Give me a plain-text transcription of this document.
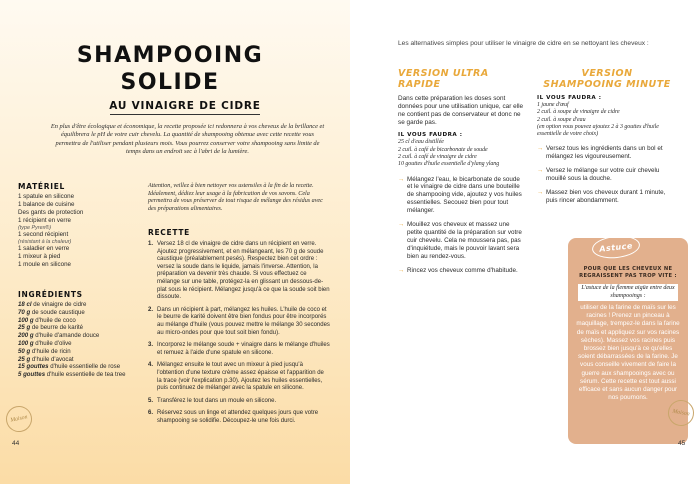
SHAMPOOING
SOLIDE
AU VINAIGRE DE CIDRE
En plus d'être écologique et économique, la recette proposée ici redonnera à vos cheveux de la brillance et équilibrera le pH de votre cuir chevelu. La quantité de shampooing obtenue avec cette recette vous permettra de l'utiliser pendant plusieurs mois. Vous pourrez conserver votre shampooing sans limite de temps dans un endroit sec à l'abri de la lumière.
MATÉRIEL
1 spatule en silicone
1 balance de cuisine
Des gants de protection
1 récipient en verre
(type Pyrex®)
1 second récipient
(résistant à la chaleur)
1 saladier en verre
1 mixeur à pied
1 moule en silicone
Attention, veillez à bien nettoyer vos ustensiles à la fin de la recette. Idéalement, dédiez leur usage à la fabrication de vos savons. Cela permettra de vous préserver de tout risque de mélange des résidus avec des préparations alimentaires.
INGRÉDIENTS
18 cl de vinaigre de cidre
70 g de soude caustique
100 g d'huile de coco
25 g de beurre de karité
200 g d'huile d'amande douce
100 g d'huile d'olive
50 g d'huile de ricin
25 g d'huile d'avocat
15 gouttes d'huile essentielle de rose
5 gouttes d'huile essentielle de tea tree
RECETTE
1. Versez 18 cl de vinaigre de cidre dans un récipient en verre. Ajoutez progressivement, et en mélangeant, les 70 g de soude caustique (préalablement pesés). Respectez bien cet ordre : versez la soude dans le liquide, jamais l'inverse. Attention, la préparation va devenir très chaude. Si vous effectuez ce mélange sur une table, protégez-la en glissant un dessous-de-plat sous le récipient. Mélangez jusqu'à ce que la soude soit bien dissoute.
2. Dans un récipient à part, mélangez les huiles. L'huile de coco et le beurre de karité doivent être bien fondus pour être incorporés au mélange d'huile (vous pouvez mettre le mélange 30 secondes au micro-ondes pour que tout soit bien fondu).
3. Incorporez le mélange soude + vinaigre dans le mélange d'huiles et remuez à l'aide d'une spatule en silicone.
4. Mélangez ensuite le tout avec un mixeur à pied jusqu'à l'obtention d'une texture crème assez épaisse et l'apparition de la trace (voir l'explication p.30). Ajoutez les huiles essentielles, puis continuez de mélanger avec la spatule en silicone.
5. Transférez le tout dans un moule en silicone.
6. Réservez sous un linge et attendez quelques jours que votre shampooing se solidifie. Découpez-le une fois durci.
Maison
44
Les alternatives simples pour utiliser le vinaigre de cidre en se nettoyant les cheveux :
VERSION ULTRA RAPIDE
Dans cette préparation les doses sont données pour une utilisation unique, car elle ne contient pas de conservateur et donc ne se garde pas.
IL VOUS FAUDRA :
25 cl d'eau distillée
2 cuil. à café de bicarbonate de soude
2 cuil. à café de vinaigre de cidre
10 gouttes d'huile essentielle d'ylang ylang
→ Mélangez l'eau, le bicarbonate de soude et le vinaigre de cidre dans une bouteille de shampooing vide, ajoutez y vos huiles essentielles. Secouez bien pour tout mélanger.
→ Mouillez vos cheveux et massez une petite quantité de la préparation sur votre cuir chevelu. Cela ne moussera pas, pas d'inquiétude, mais le pouvoir lavant sera bien au rendez-vous.
→ Rincez vos cheveux comme d'habitude.
VERSION
SHAMPOOING MINUTE
IL VOUS FAUDRA :
1 jaune d'œuf
2 cuil. à soupe de vinaigre de cidre
2 cuil. à soupe d'eau
(en option vous pouvez ajoutez 2 à 3 gouttes d'huile essentielle de votre choix)
→ Versez tous les ingrédients dans un bol et mélangez les vigoureusement.
→ Versez le mélange sur votre cuir chevelu mouillé sous la douche.
→ Massez bien vos cheveux durant 1 minute, puis rincer abondamment.
Astuce
POUR QUE LES CHEVEUX NE REGRAISSENT PAS TROP VITE :
L'astuce de la flemme aigüe entre deux shampooings :
utiliser de la farine de maïs sur les racines ! Prenez un pinceau à maquillage, trempez-le dans la farine de maïs et appliquez sur vos racines sèches). Massez vos racines puis brossez bien jusqu'à ce qu'elles soient débarrassées de la farine. Je vous conseille vivement de faire la guerre aux shampooings avec ou sérum. Cette recette est tout aussi efficace et sans aucun danger pour nos poumons.
Maison
45
